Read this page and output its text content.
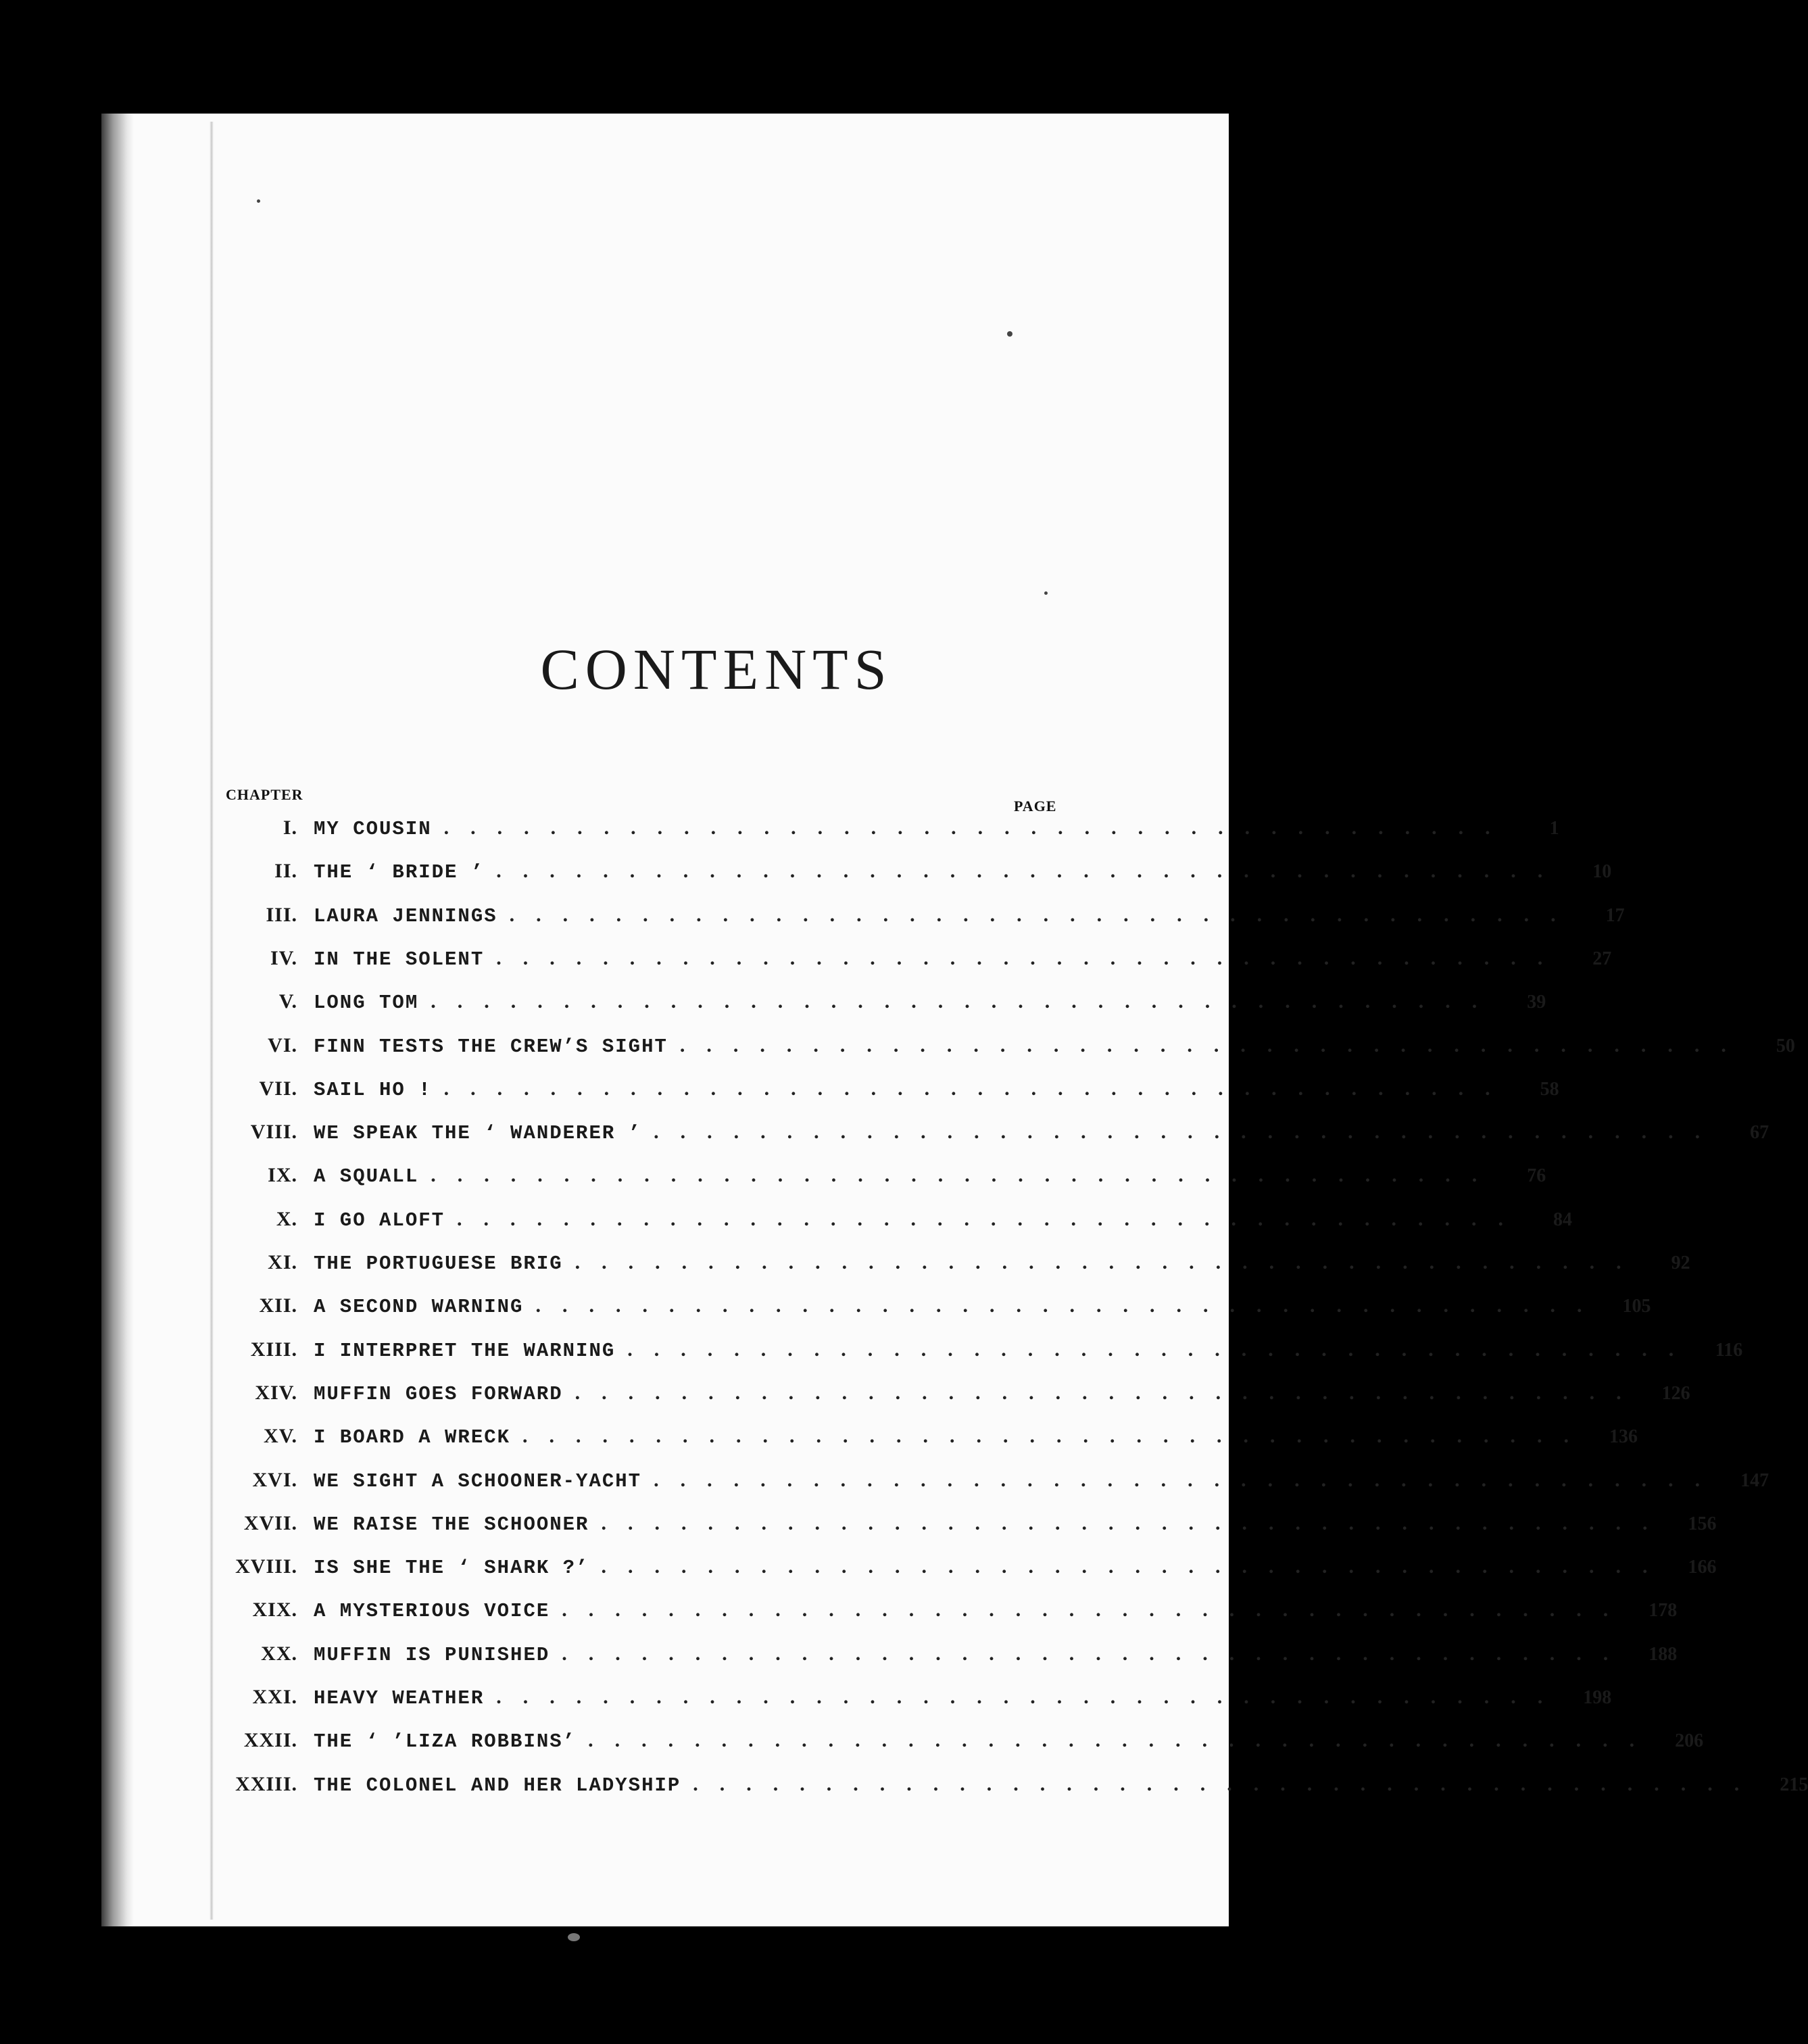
CONTENTS
CHAPTER
PAGE
I. MY COUSIN ........................................	1
II. THE ‘ BRIDE ’ ........................................	10
III. LAURA JENNINGS ........................................	17
IV. IN THE SOLENT ........................................	27
V. LONG TOM ........................................	39
VI. FINN TESTS THE CREW’S SIGHT ........................................	50
VII. SAIL HO ! ........................................	58
VIII. WE SPEAK THE ‘ WANDERER ’ ........................................	67
IX. A SQUALL ........................................	76
X. I GO ALOFT ........................................	84
XI. THE PORTUGUESE BRIG ........................................	92
XII. A SECOND WARNING ........................................	105
XIII. I INTERPRET THE WARNING ........................................	116
XIV. MUFFIN GOES FORWARD ........................................	126
XV. I BOARD A WRECK ........................................	136
XVI. WE SIGHT A SCHOONER-YACHT ........................................	147
XVII. WE RAISE THE SCHOONER ........................................	156
XVIII. IS SHE THE ‘ SHARK ?’ ........................................	166
XIX. A MYSTERIOUS VOICE ........................................	178
XX. MUFFIN IS PUNISHED ........................................	188
XXI. HEAVY WEATHER ........................................	198
XXII. THE ‘ ’LIZA ROBBINS’ ........................................	206
XXIII. THE COLONEL AND HER LADYSHIP ........................................	215
